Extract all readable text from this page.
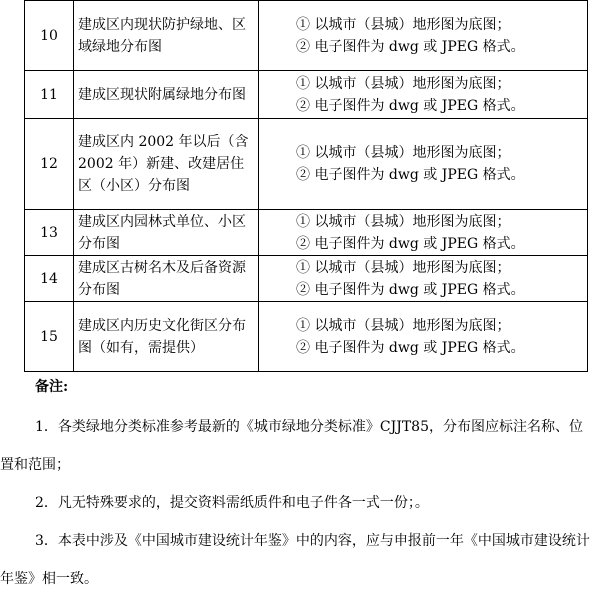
10	建成区内现状防护绿地、区域绿地分布图	① 以城市（县城）地形图为底图；
② 电子图件为 dwg 或 JPEG 格式。

11	建成区现状附属绿地分布图	① 以城市（县城）地形图为底图；
② 电子图件为 dwg 或 JPEG 格式。

12	建成区内 2002 年以后（含 2002 年）新建、改建居住区（小区）分布图	① 以城市（县城）地形图为底图；
② 电子图件为 dwg 或 JPEG 格式。

13	建成区内园林式单位、小区分布图	① 以城市（县城）地形图为底图；
② 电子图件为 dwg 或 JPEG 格式。

14	建成区古树名木及后备资源分布图	① 以城市（县城）地形图为底图；
② 电子图件为 dwg 或 JPEG 格式。

15	建成区内历史文化街区分布图（如有，需提供）	① 以城市（县城）地形图为底图；
② 电子图件为 dwg 或 JPEG 格式。
备注:
1．各类绿地分类标准参考最新的《城市绿地分类标准》CJJT85，分布图应标注名称、位置和范围；
2．凡无特殊要求的，提交资料需纸质件和电子件各一式一份；。
3．本表中涉及《中国城市建设统计年鉴》中的内容，应与申报前一年《中国城市建设统计年鉴》相一致。
